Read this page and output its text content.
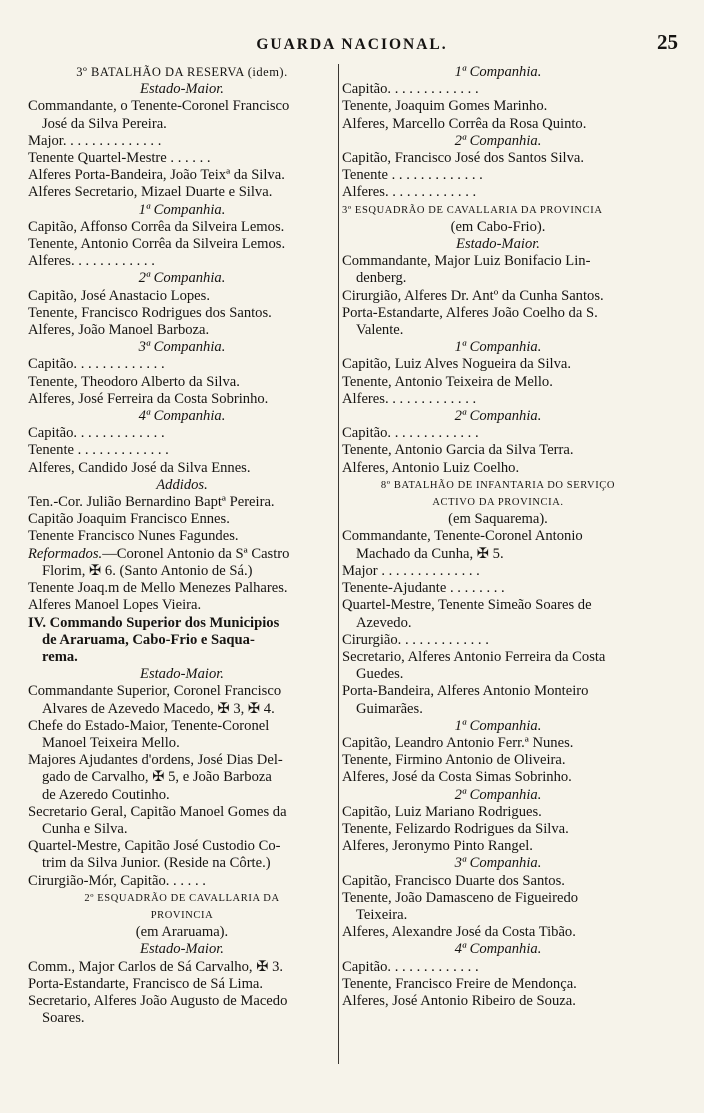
GUARDA NACIONAL.	25
3º BATALHÃO DA RESERVA (idem).
Estado-Maior.
Commandante, o Tenente-Coronel Francisco
José da Silva Pereira.
Major. . . . . . . . . . . . . .
Tenente Quartel-Mestre . . . . . .
Alferes Porta-Bandeira, João Teixª da Silva.
Alferes Secretario, Mizael Duarte e Silva.
1ª Companhia.
Capitão, Affonso Corrêa da Silveira Lemos.
Tenente, Antonio Corrêa da Silveira Lemos.
Alferes. . . . . . . . . . . .
2ª Companhia.
Capitão, José Anastacio Lopes.
Tenente, Francisco Rodrigues dos Santos.
Alferes, João Manoel Barboza.
3ª Companhia.
Capitão. . . . . . . . . . . . .
Tenente, Theodoro Alberto da Silva.
Alferes, José Ferreira da Costa Sobrinho.
4ª Companhia.
Capitão. . . . . . . . . . . . .
Tenente . . . . . . . . . . . . .
Alferes, Candido José da Silva Ennes.
Addidos.
Ten.-Cor. Julião Bernardino Baptª Pereira.
Capitão Joaquim Francisco Ennes.
Tenente Francisco Nunes Fagundes.
Reformados.—Coronel Antonio da Sª Castro
Florim, ✠ 6. (Santo Antonio de Sá.)
Tenente Joaq.m de Mello Menezes Palhares.
Alferes Manoel Lopes Vieira.
IV. Commando Superior dos Municipios
de Araruama, Cabo-Frio e Saqua-
rema.
Estado-Maior.
Commandante Superior, Coronel Francisco
Alvares de Azevedo Macedo, ✠ 3, ✠ 4.
Chefe do Estado-Maior, Tenente-Coronel
Manoel Teixeira Mello.
Majores Ajudantes d'ordens, José Dias Del-
gado de Carvalho, ✠ 5, e João Barboza
de Azeredo Coutinho.
Secretario Geral, Capitão Manoel Gomes da
Cunha e Silva.
Quartel-Mestre, Capitão José Custodio Co-
trim da Silva Junior. (Reside na Côrte.)
Cirurgião-Mór, Capitão. . . . . .
2º ESQUADRÃO DE CAVALLARIA DA
PROVINCIA
(em Araruama).
Estado-Maior.
Comm., Major Carlos de Sá Carvalho, ✠ 3.
Porta-Estandarte, Francisco de Sá Lima.
Secretario, Alferes João Augusto de Macedo
Soares.
1ª Companhia.
Capitão. . . . . . . . . . . . .
Tenente, Joaquim Gomes Marinho.
Alferes, Marcello Corrêa da Rosa Quinto.
2ª Companhia.
Capitão, Francisco José dos Santos Silva.
Tenente . . . . . . . . . . . . .
Alferes. . . . . . . . . . . . .
3º ESQUADRÃO DE CAVALLARIA DA PROVINCIA
(em Cabo-Frio).
Estado-Maior.
Commandante, Major Luiz Bonifacio Lin-
denberg.
Cirurgião, Alferes Dr. Antº da Cunha Santos.
Porta-Estandarte, Alferes João Coelho da S.
Valente.
1ª Companhia.
Capitão, Luiz Alves Nogueira da Silva.
Tenente, Antonio Teixeira de Mello.
Alferes. . . . . . . . . . . . .
2ª Companhia.
Capitão. . . . . . . . . . . . .
Tenente, Antonio Garcia da Silva Terra.
Alferes, Antonio Luiz Coelho.
8º BATALHÃO DE INFANTARIA DO SERVIÇO
ACTIVO DA PROVINCIA.
(em Saquarema).
Commandante, Tenente-Coronel Antonio
Machado da Cunha, ✠ 5.
Major . . . . . . . . . . . . . .
Tenente-Ajudante . . . . . . . .
Quartel-Mestre, Tenente Simeão Soares de
Azevedo.
Cirurgião. . . . . . . . . . . . .
Secretario, Alferes Antonio Ferreira da Costa
Guedes.
Porta-Bandeira, Alferes Antonio Monteiro
Guimarães.
1ª Companhia.
Capitão, Leandro Antonio Ferr.ª Nunes.
Tenente, Firmino Antonio de Oliveira.
Alferes, José da Costa Simas Sobrinho.
2ª Companhia.
Capitão, Luiz Mariano Rodrigues.
Tenente, Felizardo Rodrigues da Silva.
Alferes, Jeronymo Pinto Rangel.
3ª Companhia.
Capitão, Francisco Duarte dos Santos.
Tenente, João Damasceno de Figueiredo
Teixeira.
Alferes, Alexandre José da Costa Tibão.
4ª Companhia.
Capitão. . . . . . . . . . . . .
Tenente, Francisco Freire de Mendonça.
Alferes, José Antonio Ribeiro de Souza.
